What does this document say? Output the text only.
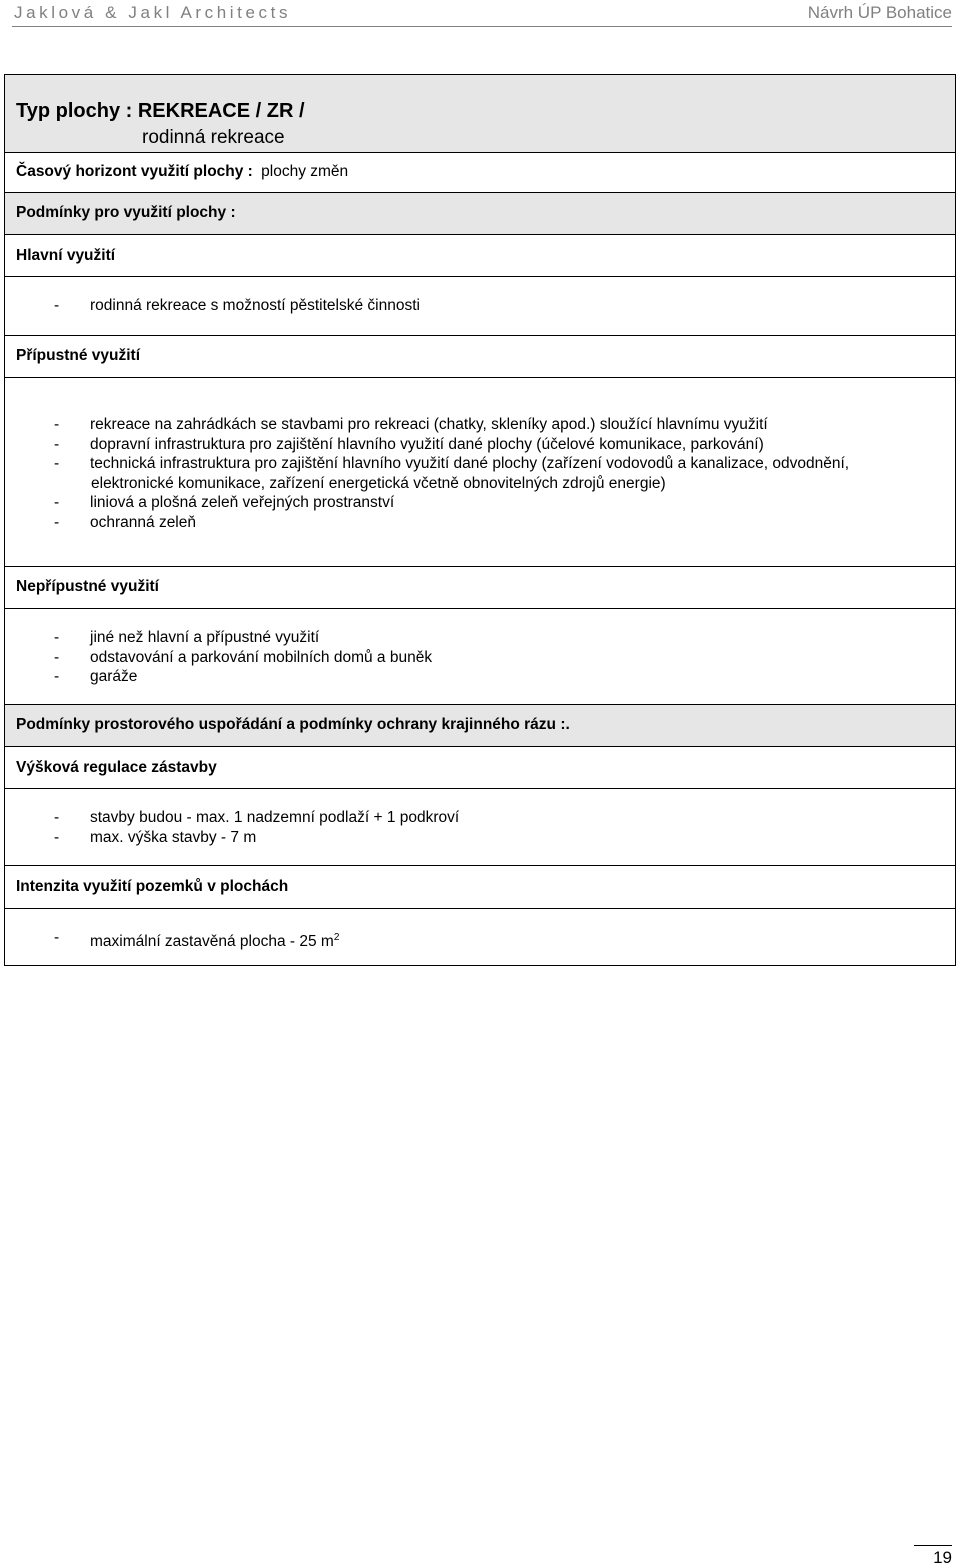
Jaklová & Jakl Architects	Návrh ÚP Bohatice
Typ plochy : REKREACE / ZR /
rodinná rekreace
Časový horizont využití plochy : plochy změn
Podmínky pro využití plochy :
Hlavní využití
- rodinná rekreace s možností pěstitelské činnosti
Přípustné využití
- rekreace na zahrádkách se stavbami pro rekreaci (chatky, skleníky apod.) sloužící hlavnímu využití
- dopravní infrastruktura pro zajištění hlavního využití dané plochy (účelové komunikace, parkování)
- technická infrastruktura pro zajištění hlavního využití dané plochy (zařízení vodovodů a kanalizace, odvodnění,
elektronické komunikace, zařízení energetická včetně obnovitelných zdrojů energie)
- liniová a plošná zeleň veřejných prostranství
- ochranná zeleň
Nepřípustné využití
- jiné než hlavní a přípustné využití
- odstavování a parkování mobilních domů a buněk
- garáže
Podmínky prostorového uspořádání a podmínky ochrany krajinného rázu :.
Výšková regulace zástavby
- stavby budou - max. 1 nadzemní podlaží + 1 podkroví
- max. výška stavby - 7 m
Intenzita využití pozemků v plochách
- maximální zastavěná plocha - 25 $m^2$
19
